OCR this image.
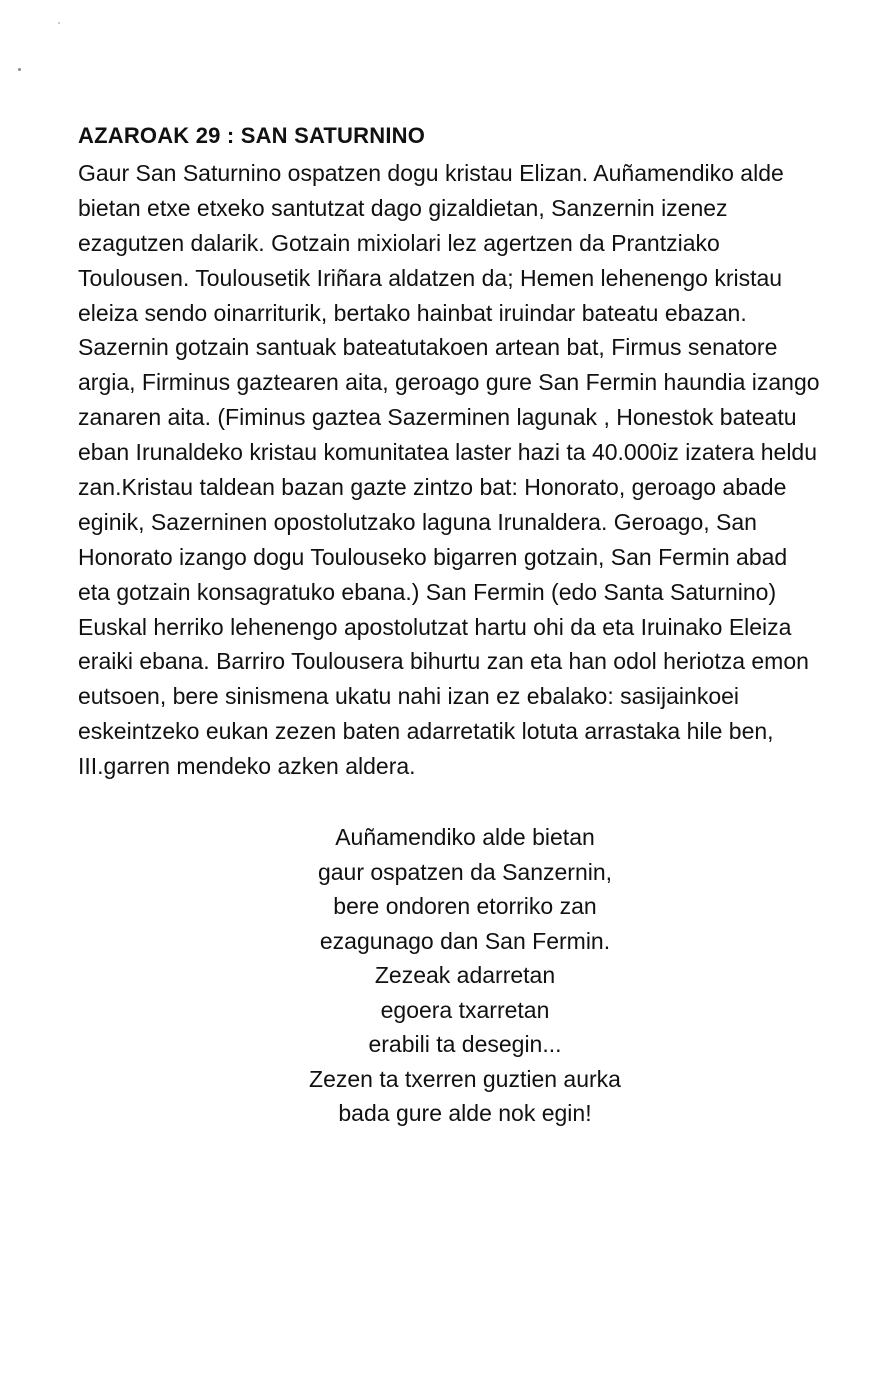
AZAROAK 29 : SAN SATURNINO
Gaur San Saturnino ospatzen dogu kristau Elizan. Auñamendiko alde
bietan etxe etxeko santutzat dago gizaldietan, Sanzernin izenez
ezagutzen dalarik. Gotzain mixiolari lez agertzen da Prantziako
Toulousen. Toulousetik Iriñara aldatzen da; Hemen lehenengo kristau
eleiza sendo oinarriturik, bertako hainbat iruindar bateatu ebazan.
Sazernin gotzain santuak bateatutakoen artean bat, Firmus senatore
argia, Firminus gaztearen aita, geroago gure San Fermin haundia izango
zanaren aita. (Fiminus gaztea Sazerminen lagunak , Honestok bateatu
eban Irunaldeko kristau komunitatea laster hazi ta 40.000iz izatera heldu
zan.Kristau taldean bazan gazte zintzo bat: Honorato, geroago abade
eginik, Sazerninen opostolutzako laguna Irunaldera. Geroago, San
Honorato izango dogu Toulouseko bigarren gotzain, San Fermin abad
eta gotzain konsagratuko ebana.) San Fermin (edo Santa Saturnino)
Euskal herriko lehenengo apostolutzat hartu ohi da eta Iruinako Eleiza
eraiki ebana. Barriro Toulousera bihurtu zan eta han odol heriotza emon
eutsoen, bere sinismena ukatu nahi izan ez ebalako: sasijainkoei
eskeintzeko eukan zezen baten adarretatik lotuta arrastaka hile ben,
III.garren mendeko azken aldera.
Auñamendiko alde bietan
gaur ospatzen da Sanzernin,
bere ondoren etorriko zan
ezagunago dan San Fermin.
Zezeak adarretan
egoera txarretan
erabili ta desegin...
Zezen ta txerren guztien aurka
bada gure alde nok egin!
